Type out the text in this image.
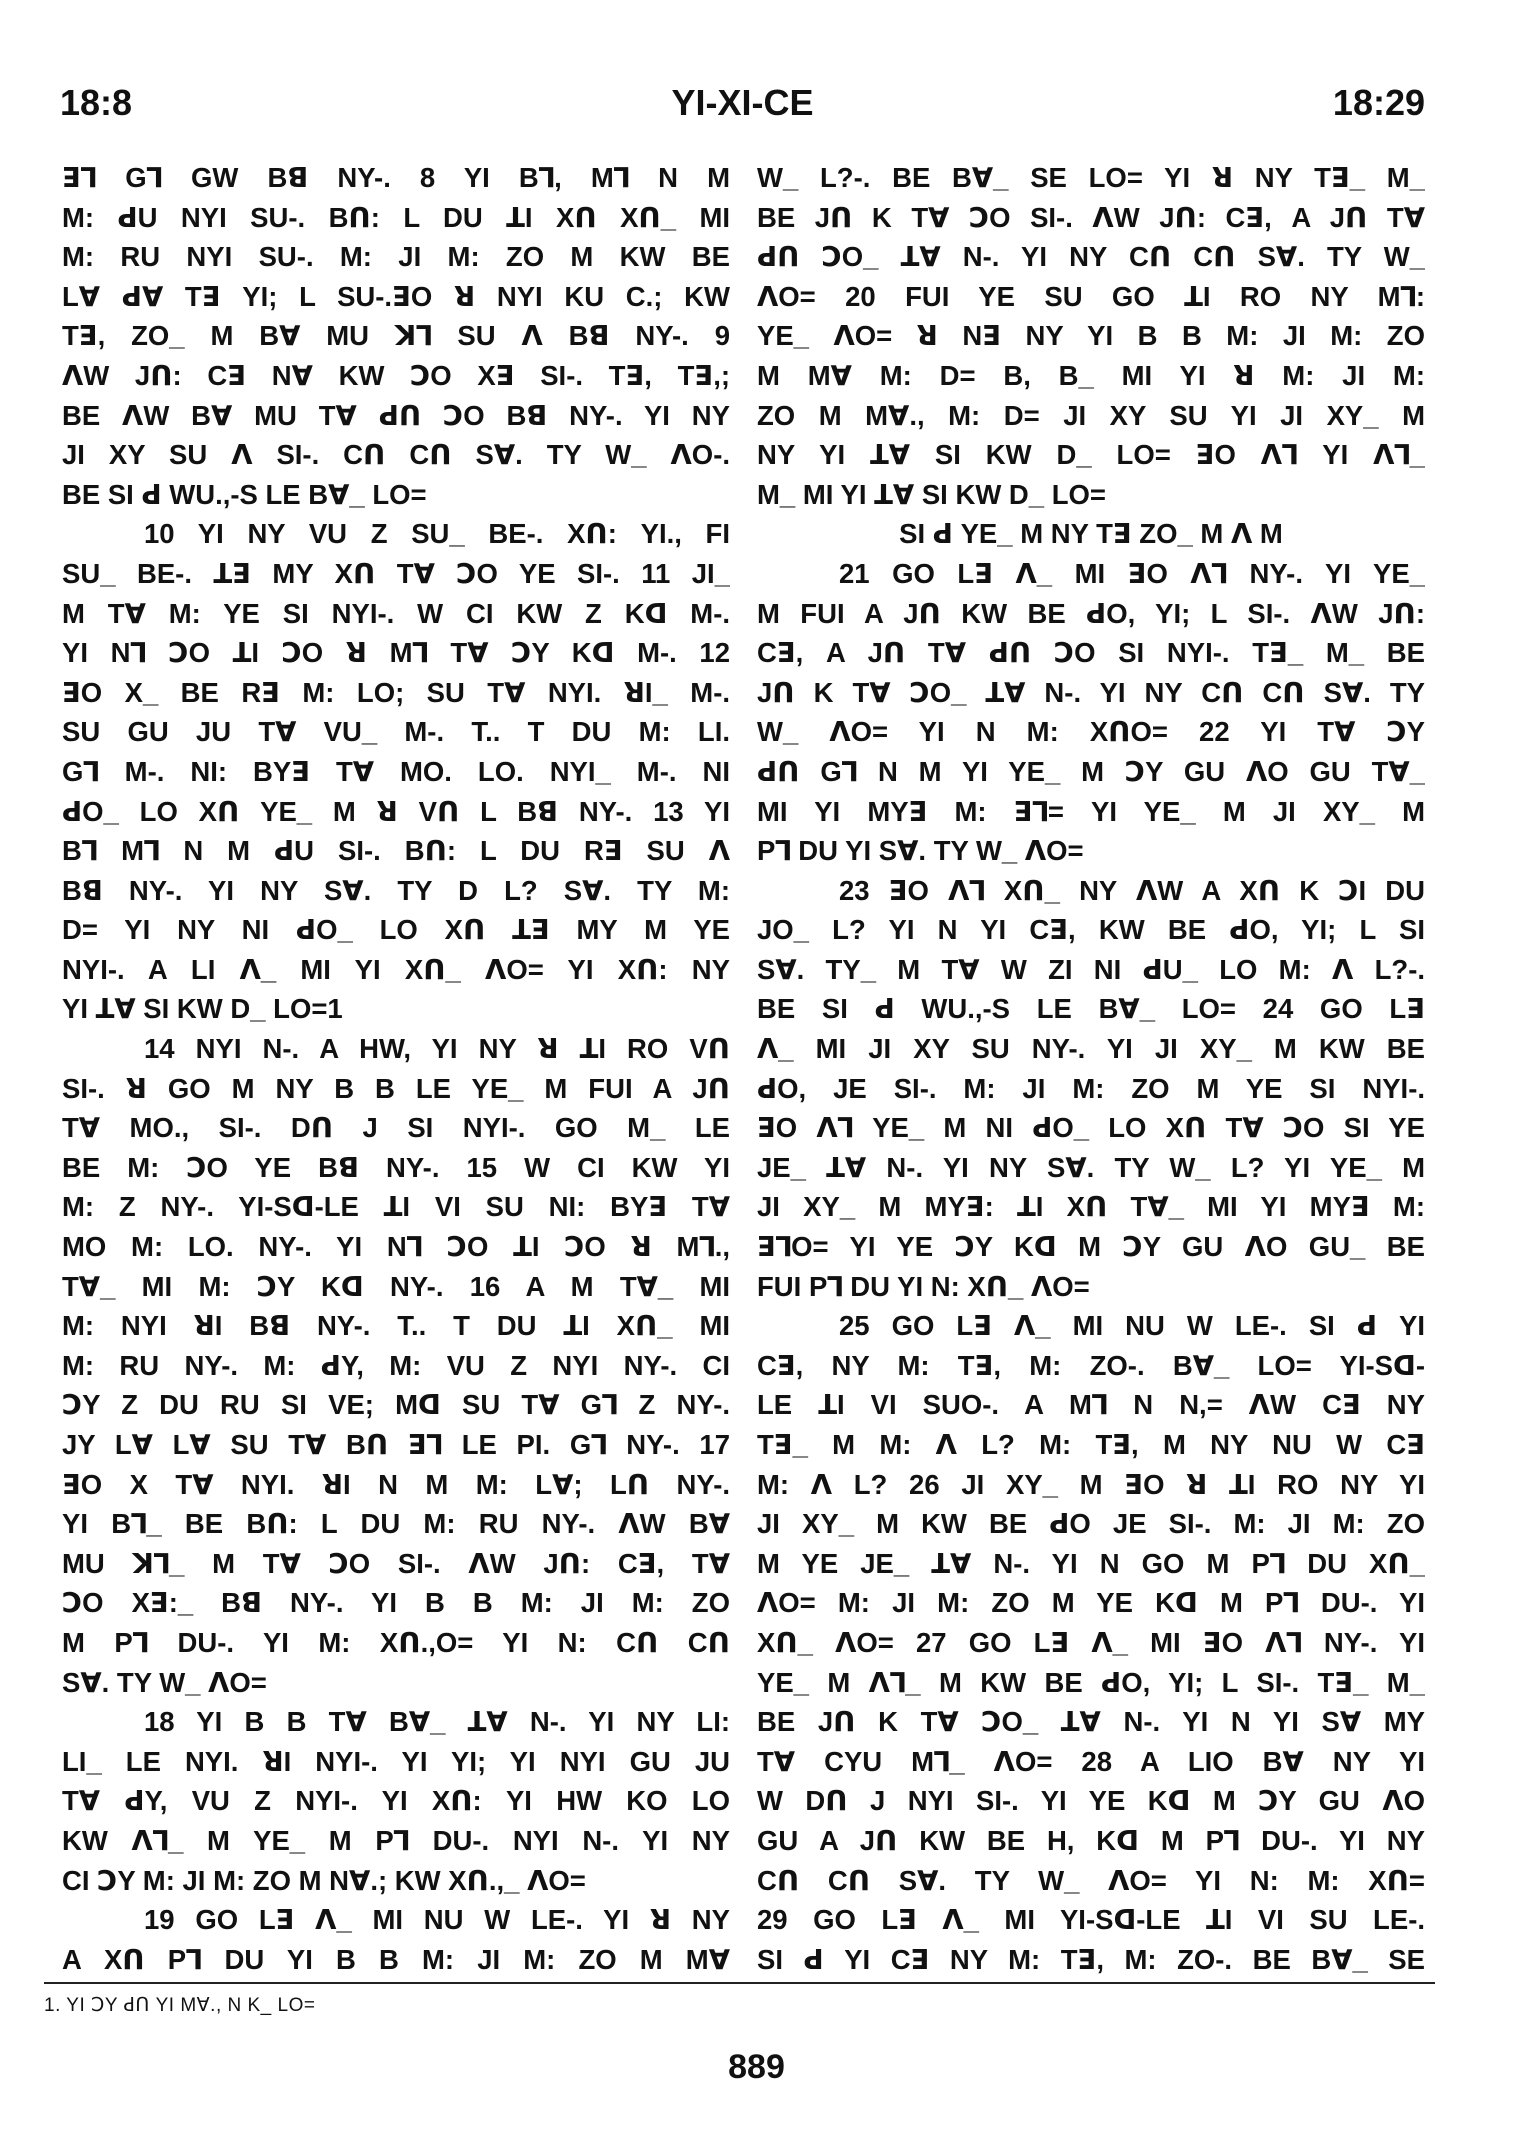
18:8	YI-XI-CE	18:29
ꓱꓶ Gꓶ GW Bꓭ NY-. 8 YI Bꓶ, Mꓶ N M
M: ꓒU NYI SU-. Bꓵ: L DU ꓕI Xꓵ Xꓵ_ MI
M: RU NYI SU-. M: JI M: ZO M KW BE
Lꓯ ꓒꓯ Tꓱ YI; L SU-.ꓱO ꓤ NYI KU C.; KW
Tꓱ, ZO_ M Bꓯ MU ꓘꓶ SU ꓥ Bꓭ NY-. 9
ꓥW Jꓵ: Cꓱ Nꓯ KW ꓛO Xꓱ SI-. Tꓱ, Tꓱ,;
BE ꓥW Bꓯ MU Tꓯ ꓒꓵ ꓛO Bꓭ NY-. YI NY
JI XY SU ꓥ SI-. Cꓵ Cꓵ Sꓯ. TY W_ ꓥO-.
BE SI ꓒ WU.,-S LE Bꓯ_ LO=
10 YI NY VU Z SU_ BE-. Xꓵ: YI., FI
SU_ BE-. ꓕꓱ MY Xꓵ Tꓯ ꓛO YE SI-. 11 JI_
M Tꓯ M: YE SI NYI-. W CI KW Z Kꓷ M-.
YI Nꓶ ꓛO ꓕI ꓛO ꓤ Mꓶ Tꓯ ꓛY Kꓷ M-. 12
ꓱO X_ BE Rꓱ M: LO; SU Tꓯ NYI. ꓤI_ M-.
SU GU JU Tꓯ VU_ M-. T.. T DU M: LI.
Gꓶ M-. NI: BYꓱ Tꓯ MO. LO. NYI_ M-. NI
ꓒO_ LO Xꓵ YE_ M ꓤ Vꓵ L Bꓭ NY-. 13 YI
Bꓶ Mꓶ N M ꓒU SI-. Bꓵ: L DU Rꓱ SU ꓥ
Bꓭ NY-. YI NY Sꓯ. TY D L? Sꓯ. TY M:
D= YI NY NI ꓒO_ LO Xꓵ ꓕꓱ MY M YE
NYI-. A LI ꓥ_ MI YI Xꓵ_ ꓥO= YI Xꓵ: NY
YI ꓕꓯ SI KW D_ LO=1
14 NYI N-. A HW, YI NY ꓤ ꓕI RO Vꓵ
SI-. ꓤ GO M NY B B LE YE_ M FUI A Jꓵ
Tꓯ MO., SI-. Dꓵ J SI NYI-. GO M_ LE
BE M: ꓛO YE Bꓭ NY-. 15 W CI KW YI
M: Z NY-. YI-Sꓷ-LE ꓕI VI SU NI: BYꓱ Tꓯ
MO M: LO. NY-. YI Nꓶ ꓛO ꓕI ꓛO ꓤ Mꓶ.,
Tꓯ_ MI M: ꓛY Kꓷ NY-. 16 A M Tꓯ_ MI
M: NYI ꓤI Bꓭ NY-. T.. T DU ꓕI Xꓵ_ MI
M: RU NY-. M: ꓒY, M: VU Z NYI NY-. CI
ꓛY Z DU RU SI VE; Mꓷ SU Tꓯ Gꓶ Z NY-.
JY Lꓯ Lꓯ SU Tꓯ Bꓵ ꓱꓶ LE PI. Gꓶ NY-. 17
ꓱO X Tꓯ NYI. ꓤI N M M: Lꓯ; Lꓵ NY-.
YI Bꓶ_ BE Bꓵ: L DU M: RU NY-. ꓥW Bꓯ
MU ꓘꓶ_ M Tꓯ ꓛO SI-. ꓥW Jꓵ: Cꓱ, Tꓯ
ꓛO Xꓱ:_ Bꓭ NY-. YI B B M: JI M: ZO
M Pꓶ DU-. YI M: Xꓵ.,O= YI N: Cꓵ Cꓵ
Sꓯ. TY W_ ꓥO=
18 YI B B Tꓯ Bꓯ_ ꓕꓯ N-. YI NY LI:
LI_ LE NYI. ꓤI NYI-. YI YI; YI NYI GU JU
Tꓯ ꓒY, VU Z NYI-. YI Xꓵ: YI HW KO LO
KW ꓥꓶ_ M YE_ M Pꓶ DU-. NYI N-. YI NY
CI ꓛY M: JI M: ZO M Nꓯ.; KW Xꓵ.,_ ꓥO=
19 GO Lꓱ ꓥ_ MI NU W LE-. YI ꓤ NY
A Xꓵ Pꓶ DU YI B B M: JI M: ZO M Mꓯ
W_ L?-. BE Bꓯ_ SE LO= YI ꓤ NY Tꓱ_ M_
BE Jꓵ K Tꓯ ꓛO SI-. ꓥW Jꓵ: Cꓱ, A Jꓵ Tꓯ
ꓒꓵ ꓛO_ ꓕꓯ N-. YI NY Cꓵ Cꓵ Sꓯ. TY W_
ꓥO= 20 FUI YE SU GO ꓕI RO NY Mꓶ:
YE_ ꓥO= ꓤ Nꓱ NY YI B B M: JI M: ZO
M Mꓯ M: D= B, B_ MI YI ꓤ M: JI M:
ZO M Mꓯ., M: D= JI XY SU YI JI XY_ M
NY YI ꓕꓯ SI KW D_ LO= ꓱO ꓥꓶ YI ꓥꓶ_
M_ MI YI ꓕꓯ SI KW D_ LO=
SI ꓒ YE_ M NY Tꓱ ZO_ M ꓥ M
21 GO Lꓱ ꓥ_ MI ꓱO ꓥꓶ NY-. YI YE_
M FUI A Jꓵ KW BE ꓒO, YI; L SI-. ꓥW Jꓵ:
Cꓱ, A Jꓵ Tꓯ ꓒꓵ ꓛO SI NYI-. Tꓱ_ M_ BE
Jꓵ K Tꓯ ꓛO_ ꓕꓯ N-. YI NY Cꓵ Cꓵ Sꓯ. TY
W_ ꓥO= YI N M: XꓵO= 22 YI Tꓯ ꓛY
ꓒꓵ Gꓶ N M YI YE_ M ꓛY GU ꓥO GU Tꓯ_
MI YI MYꓱ M: ꓱꓶ= YI YE_ M JI XY_ M
Pꓶ DU YI Sꓯ. TY W_ ꓥO=
23 ꓱO ꓥꓶ Xꓵ_ NY ꓥW A Xꓵ K ꓛI DU
JO_ L? YI N YI Cꓱ, KW BE ꓒO, YI; L SI
Sꓯ. TY_ M Tꓯ W ZI NI ꓒU_ LO M: ꓥ L?-.
BE SI ꓒ WU.,-S LE Bꓯ_ LO= 24 GO Lꓱ
ꓥ_ MI JI XY SU NY-. YI JI XY_ M KW BE
ꓒO, JE SI-. M: JI M: ZO M YE SI NYI-.
ꓱO ꓥꓶ YE_ M NI ꓒO_ LO Xꓵ Tꓯ ꓛO SI YE
JE_ ꓕꓯ N-. YI NY Sꓯ. TY W_ L? YI YE_ M
JI XY_ M MYꓱ: ꓕI Xꓵ Tꓯ_ MI YI MYꓱ M:
ꓱꓶO= YI YE ꓛY Kꓷ M ꓛY GU ꓥO GU_ BE
FUI Pꓶ DU YI N: Xꓵ_ ꓥO=
25 GO Lꓱ ꓥ_ MI NU W LE-. SI ꓒ YI
Cꓱ, NY M: Tꓱ, M: ZO-. Bꓯ_ LO= YI-Sꓷ-
LE ꓕI VI SUO-. A Mꓶ N N,= ꓥW Cꓱ NY
Tꓱ_ M M: ꓥ L? M: Tꓱ, M NY NU W Cꓱ
M: ꓥ L? 26 JI XY_ M ꓱO ꓤ ꓕI RO NY YI
JI XY_ M KW BE ꓒO JE SI-. M: JI M: ZO
M YE JE_ ꓕꓯ N-. YI N GO M Pꓶ DU Xꓵ_
ꓥO= M: JI M: ZO M YE Kꓷ M Pꓶ DU-. YI
Xꓵ_ ꓥO= 27 GO Lꓱ ꓥ_ MI ꓱO ꓥꓶ NY-. YI
YE_ M ꓥꓶ_ M KW BE ꓒO, YI; L SI-. Tꓱ_ M_
BE Jꓵ K Tꓯ ꓛO_ ꓕꓯ N-. YI N YI Sꓯ MY
Tꓯ CYU Mꓶ_ ꓥO= 28 A LIO Bꓯ NY YI
W Dꓵ J NYI SI-. YI YE Kꓷ M ꓛY GU ꓥO
GU A Jꓵ KW BE H, Kꓷ M Pꓶ DU-. YI NY
Cꓵ Cꓵ Sꓯ. TY W_ ꓥO= YI N: M: Xꓵ=
29 GO Lꓱ ꓥ_ MI YI-Sꓷ-LE ꓕI VI SU LE-.
SI ꓒ YI Cꓱ NY M: Tꓱ, M: ZO-. BE Bꓯ_ SE
1. YI ꓛY ꓒꓵ YI Mꓯ., N K_ LO=
889
